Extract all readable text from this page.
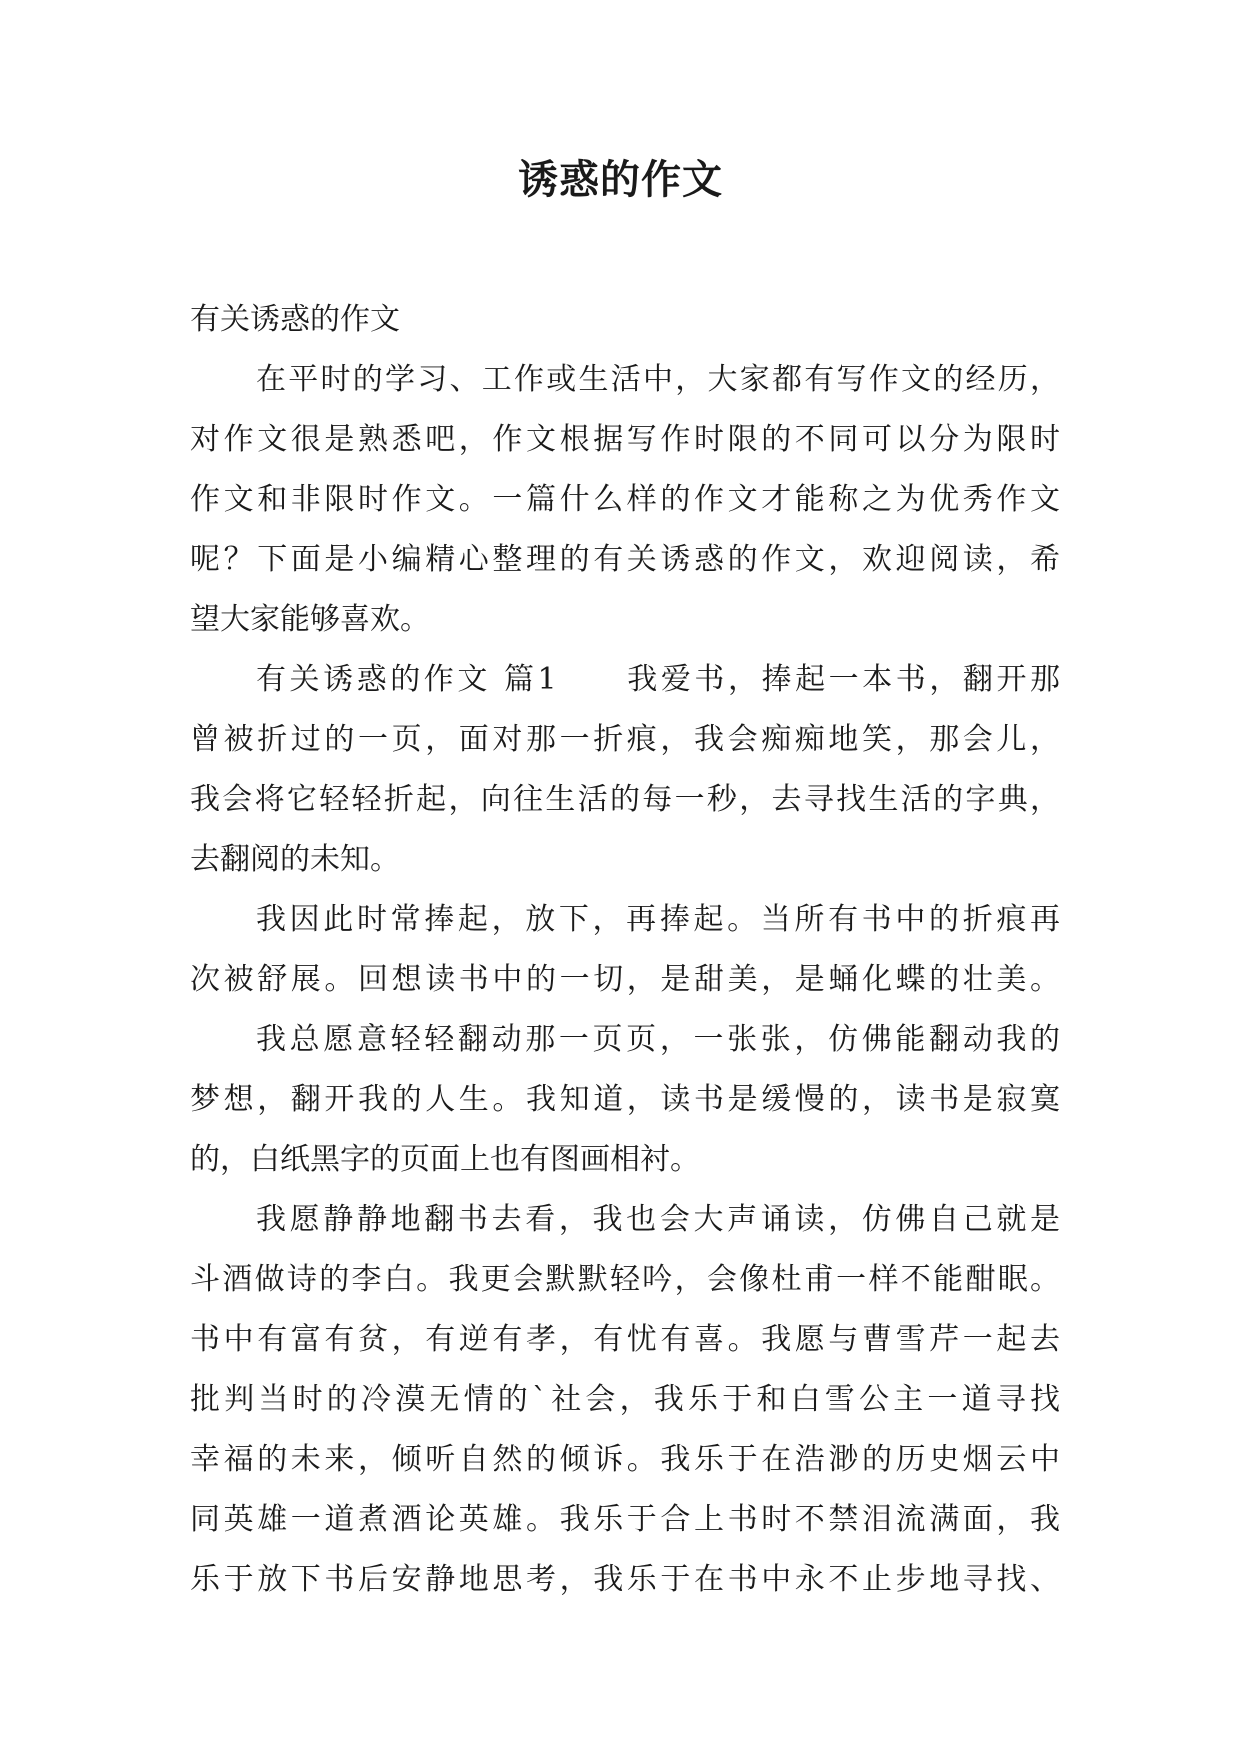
诱惑的作文
有关诱惑的作文
在平时的学习、工作或生活中，大家都有写作文的经历，
对作文很是熟悉吧，作文根据写作时限的不同可以分为限时
作文和非限时作文。一篇什么样的作文才能称之为优秀作文
呢？下面是小编精心整理的有关诱惑的作文，欢迎阅读，希
望大家能够喜欢。
有关诱惑的作文 篇1　　我爱书，捧起一本书，翻开那
曾被折过的一页，面对那一折痕，我会痴痴地笑，那会儿，
我会将它轻轻折起，向往生活的每一秒，去寻找生活的字典，
去翻阅的未知。
我因此时常捧起，放下，再捧起。当所有书中的折痕再
次被舒展。回想读书中的一切，是甜美，是蛹化蝶的壮美。
我总愿意轻轻翻动那一页页，一张张，仿佛能翻动我的
梦想，翻开我的人生。我知道，读书是缓慢的，读书是寂寞
的，白纸黑字的页面上也有图画相衬。
我愿静静地翻书去看，我也会大声诵读，仿佛自己就是
斗酒做诗的李白。我更会默默轻吟，会像杜甫一样不能酣眠。
书中有富有贫，有逆有孝，有忧有喜。我愿与曹雪芹一起去
批判当时的冷漠无情的`社会，我乐于和白雪公主一道寻找
幸福的未来，倾听自然的倾诉。我乐于在浩渺的历史烟云中
同英雄一道煮酒论英雄。我乐于合上书时不禁泪流满面，我
乐于放下书后安静地思考，我乐于在书中永不止步地寻找、
